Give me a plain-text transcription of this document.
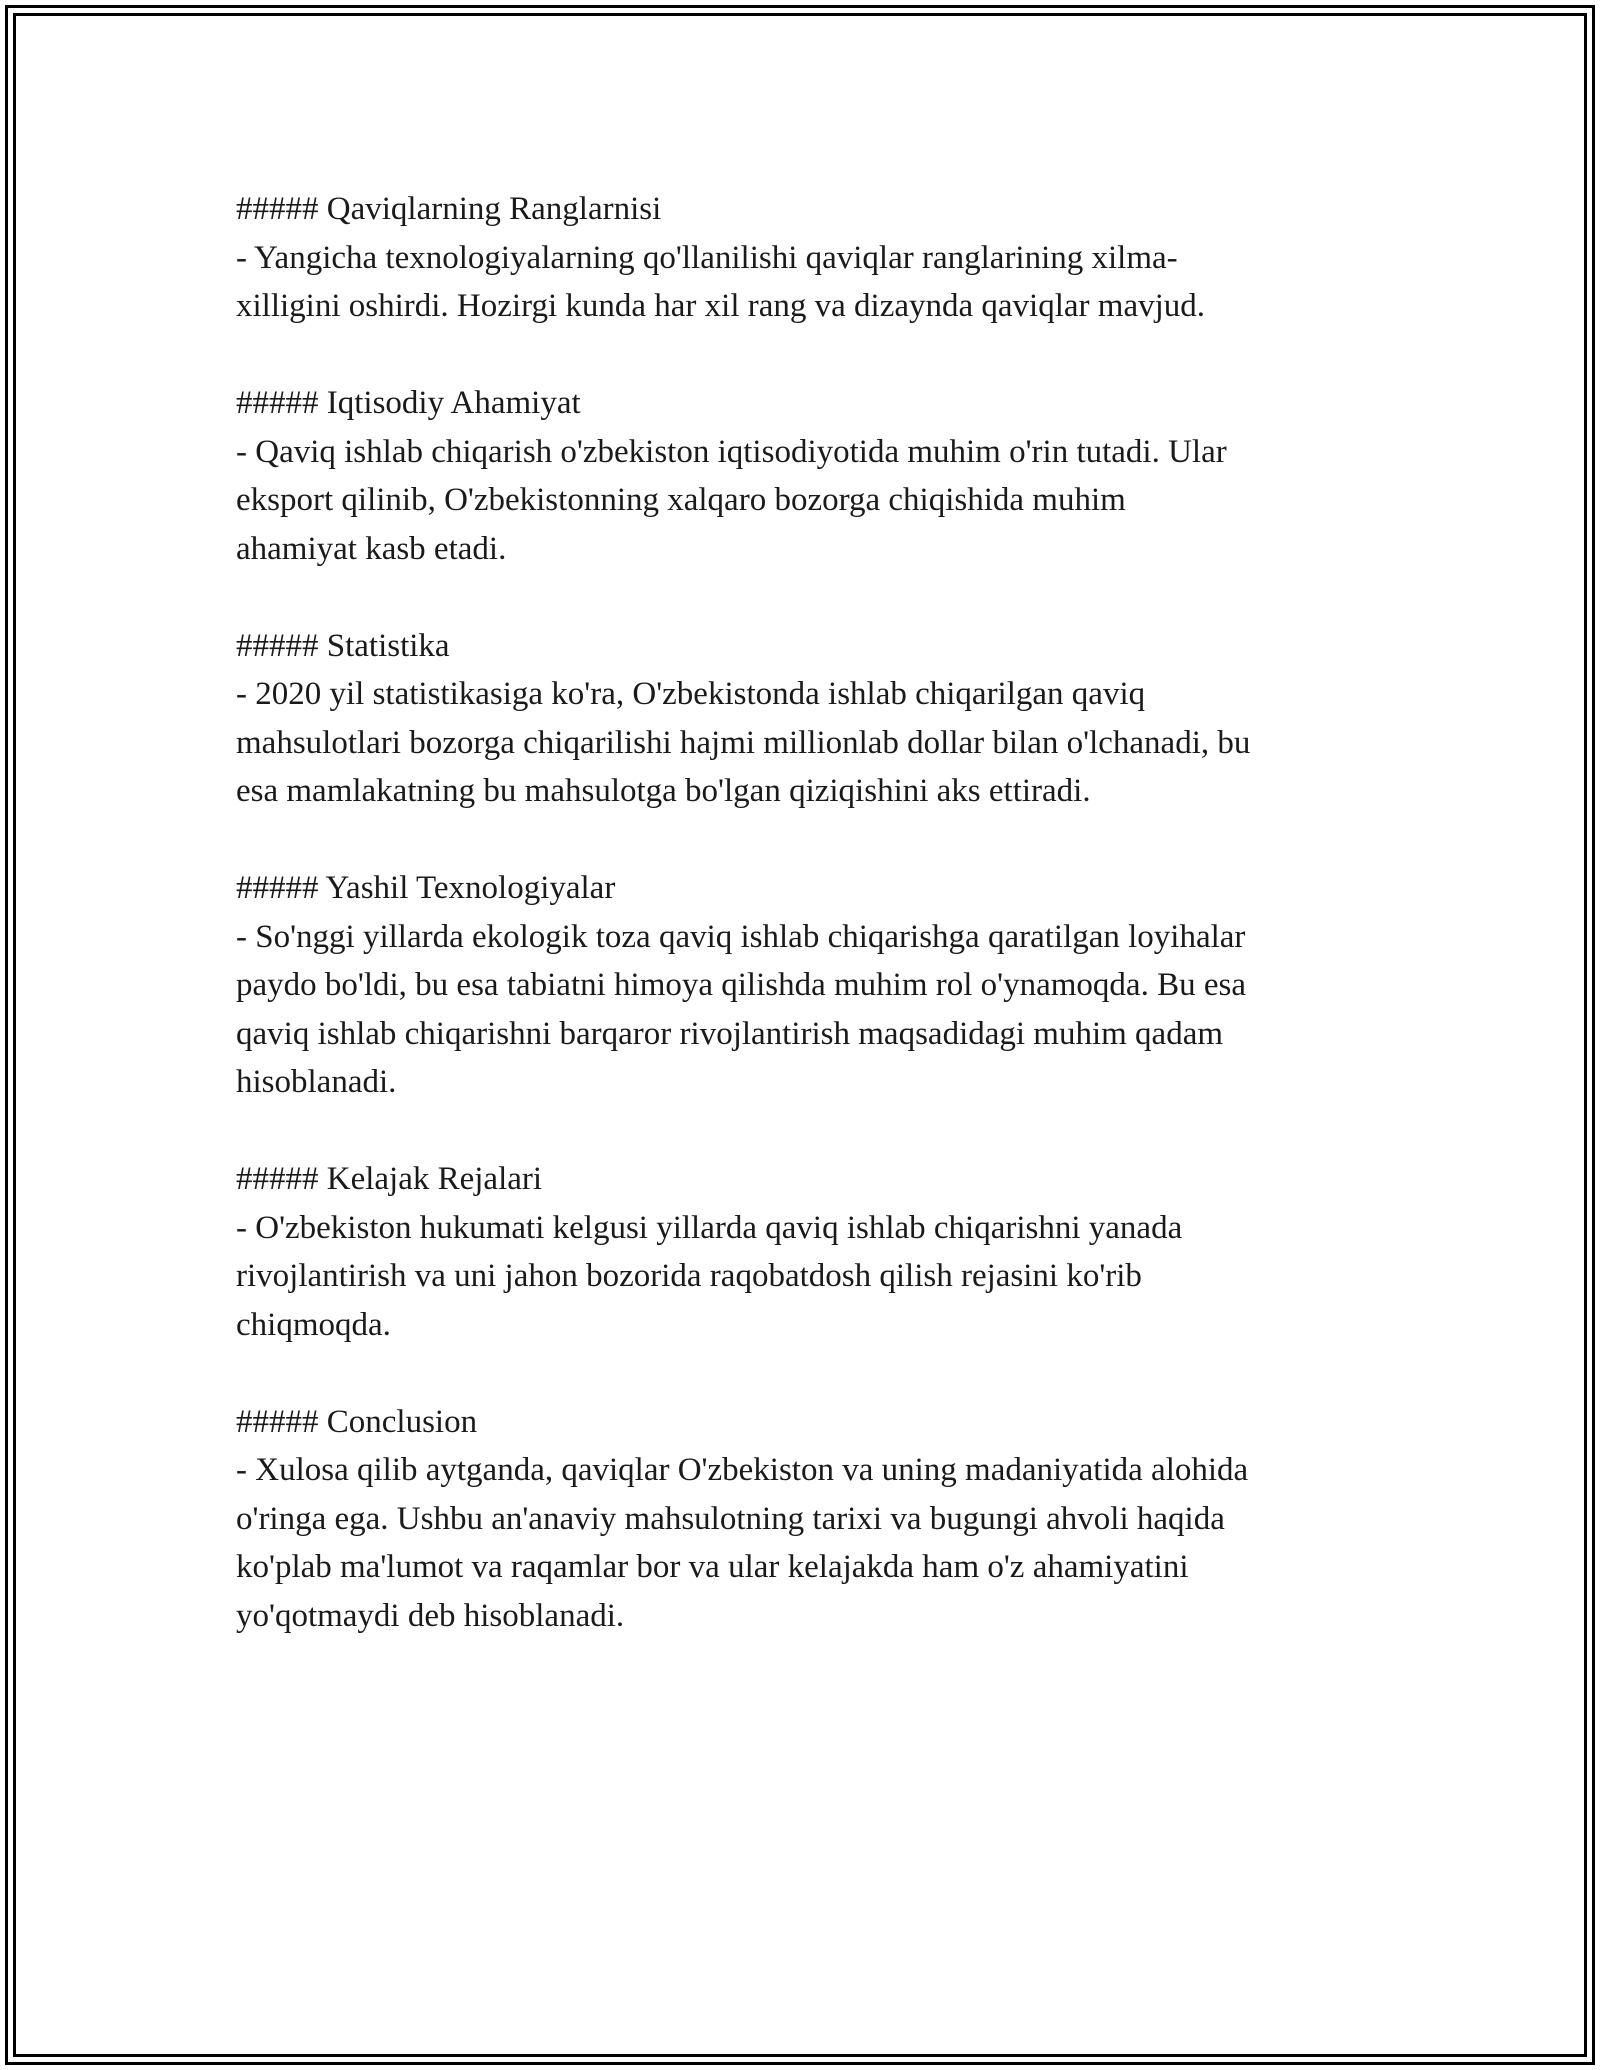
##### Qaviqlarning Ranglarnisi
- Yangicha texnologiyalarning qo'llanilishi qaviqlar ranglarining xilma-
xilligini oshirdi. Hozirgi kunda har xil rang va dizaynda qaviqlar mavjud.
##### Iqtisodiy Ahamiyat
- Qaviq ishlab chiqarish o'zbekiston iqtisodiyotida muhim o'rin tutadi. Ular
eksport qilinib, O'zbekistonning xalqaro bozorga chiqishida muhim
ahamiyat kasb etadi.
##### Statistika
- 2020 yil statistikasiga ko'ra, O'zbekistonda ishlab chiqarilgan qaviq
mahsulotlari bozorga chiqarilishi hajmi millionlab dollar bilan o'lchanadi, bu
esa mamlakatning bu mahsulotga bo'lgan qiziqishini aks ettiradi.
##### Yashil Texnologiyalar
- So'nggi yillarda ekologik toza qaviq ishlab chiqarishga qaratilgan loyihalar
paydo bo'ldi, bu esa tabiatni himoya qilishda muhim rol o'ynamoqda. Bu esa
qaviq ishlab chiqarishni barqaror rivojlantirish maqsadidagi muhim qadam
hisoblanadi.
##### Kelajak Rejalari
- O'zbekiston hukumati kelgusi yillarda qaviq ishlab chiqarishni yanada
rivojlantirish va uni jahon bozorida raqobatdosh qilish rejasini ko'rib
chiqmoqda.
##### Conclusion
- Xulosa qilib aytganda, qaviqlar O'zbekiston va uning madaniyatida alohida
o'ringa ega. Ushbu an'anaviy mahsulotning tarixi va bugungi ahvoli haqida
ko'plab ma'lumot va raqamlar bor va ular kelajakda ham o'z ahamiyatini
yo'qotmaydi deb hisoblanadi.
